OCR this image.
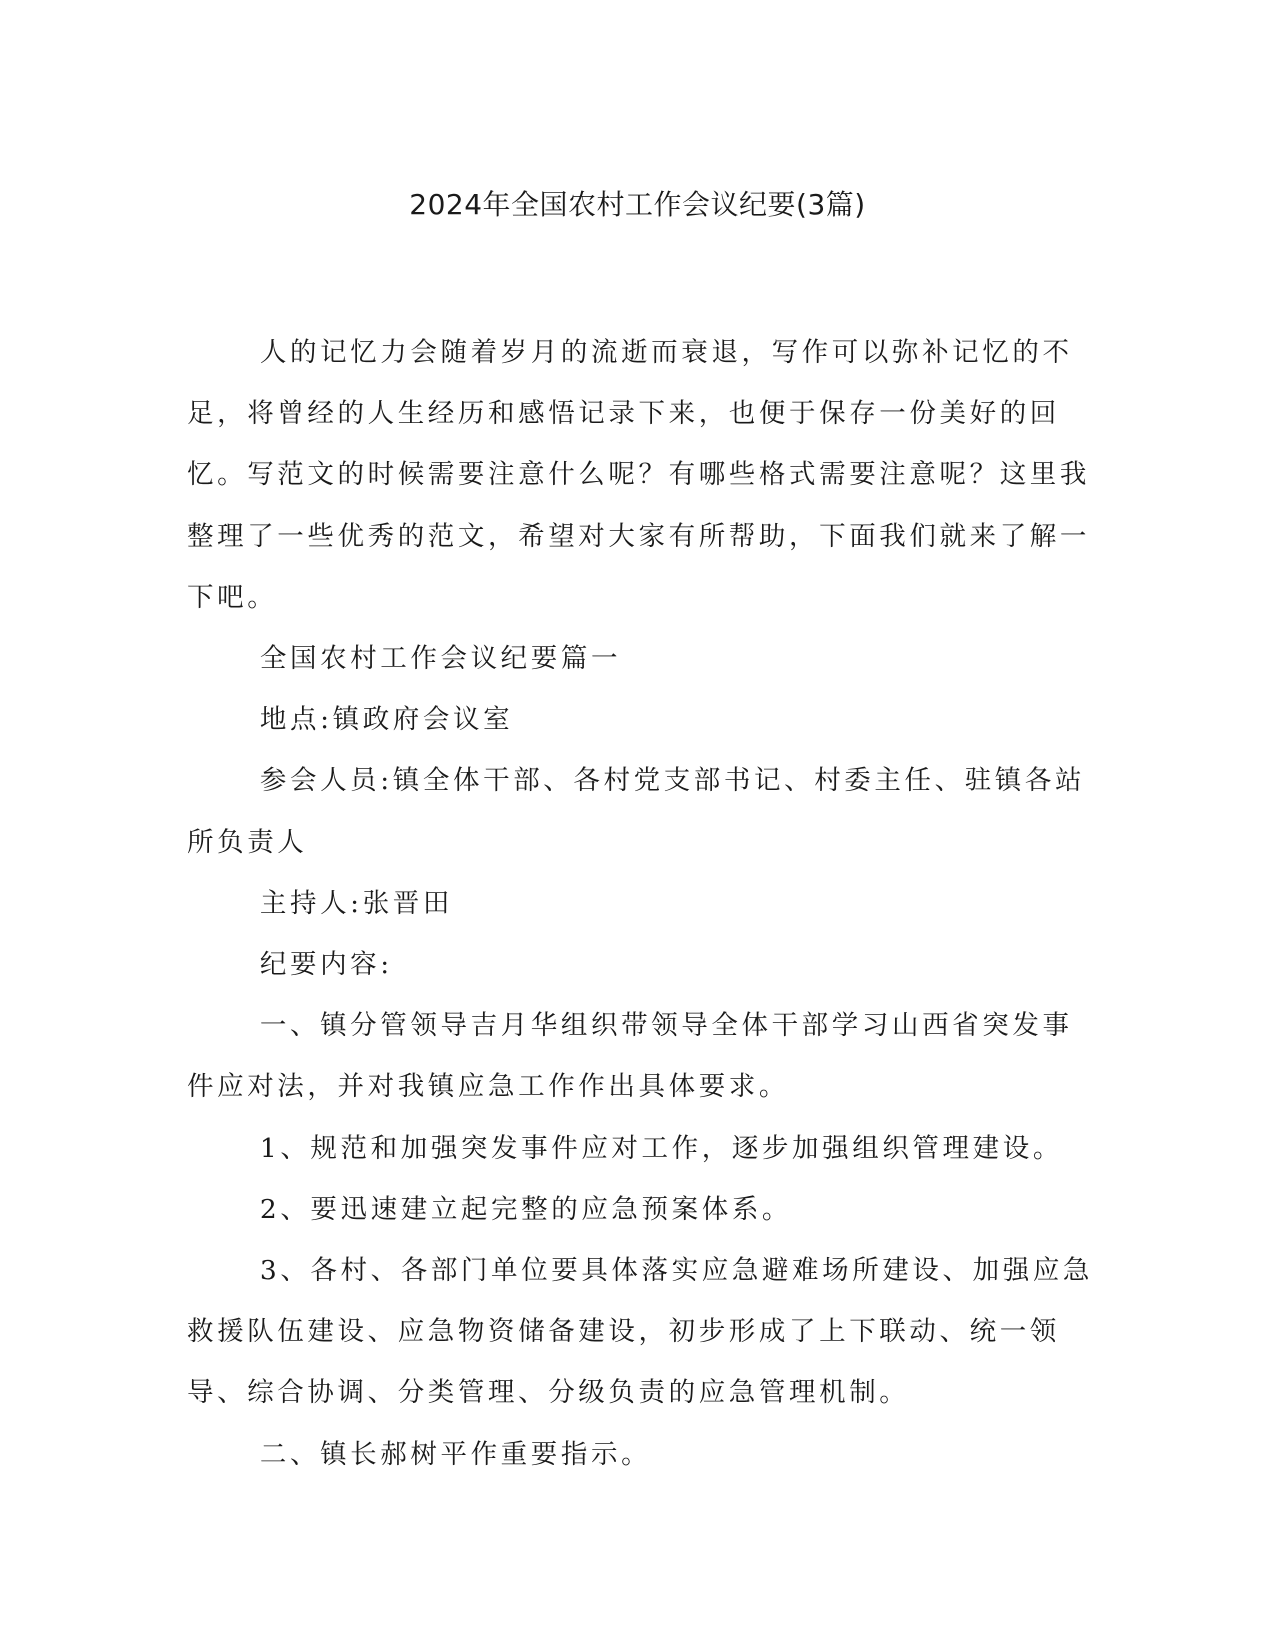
2024年全国农村工作会议纪要(3篇)

人的记忆力会随着岁月的流逝而衰退，写作可以弥补记忆的不足，将曾经的人生经历和感悟记录下来，也便于保存一份美好的回忆。写范文的时候需要注意什么呢？有哪些格式需要注意呢？这里我整理了一些优秀的范文，希望对大家有所帮助，下面我们就来了解一下吧。

全国农村工作会议纪要篇一

地点:镇政府会议室

参会人员:镇全体干部、各村党支部书记、村委主任、驻镇各站所负责人

主持人:张晋田

纪要内容:

一、镇分管领导吉月华组织带领导全体干部学习山西省突发事件应对法，并对我镇应急工作作出具体要求。

1、规范和加强突发事件应对工作，逐步加强组织管理建设。

2、要迅速建立起完整的应急预案体系。

3、各村、各部门单位要具体落实应急避难场所建设、加强应急救援队伍建设、应急物资储备建设，初步形成了上下联动、统一领导、综合协调、分类管理、分级负责的应急管理机制。

二、镇长郝树平作重要指示。
